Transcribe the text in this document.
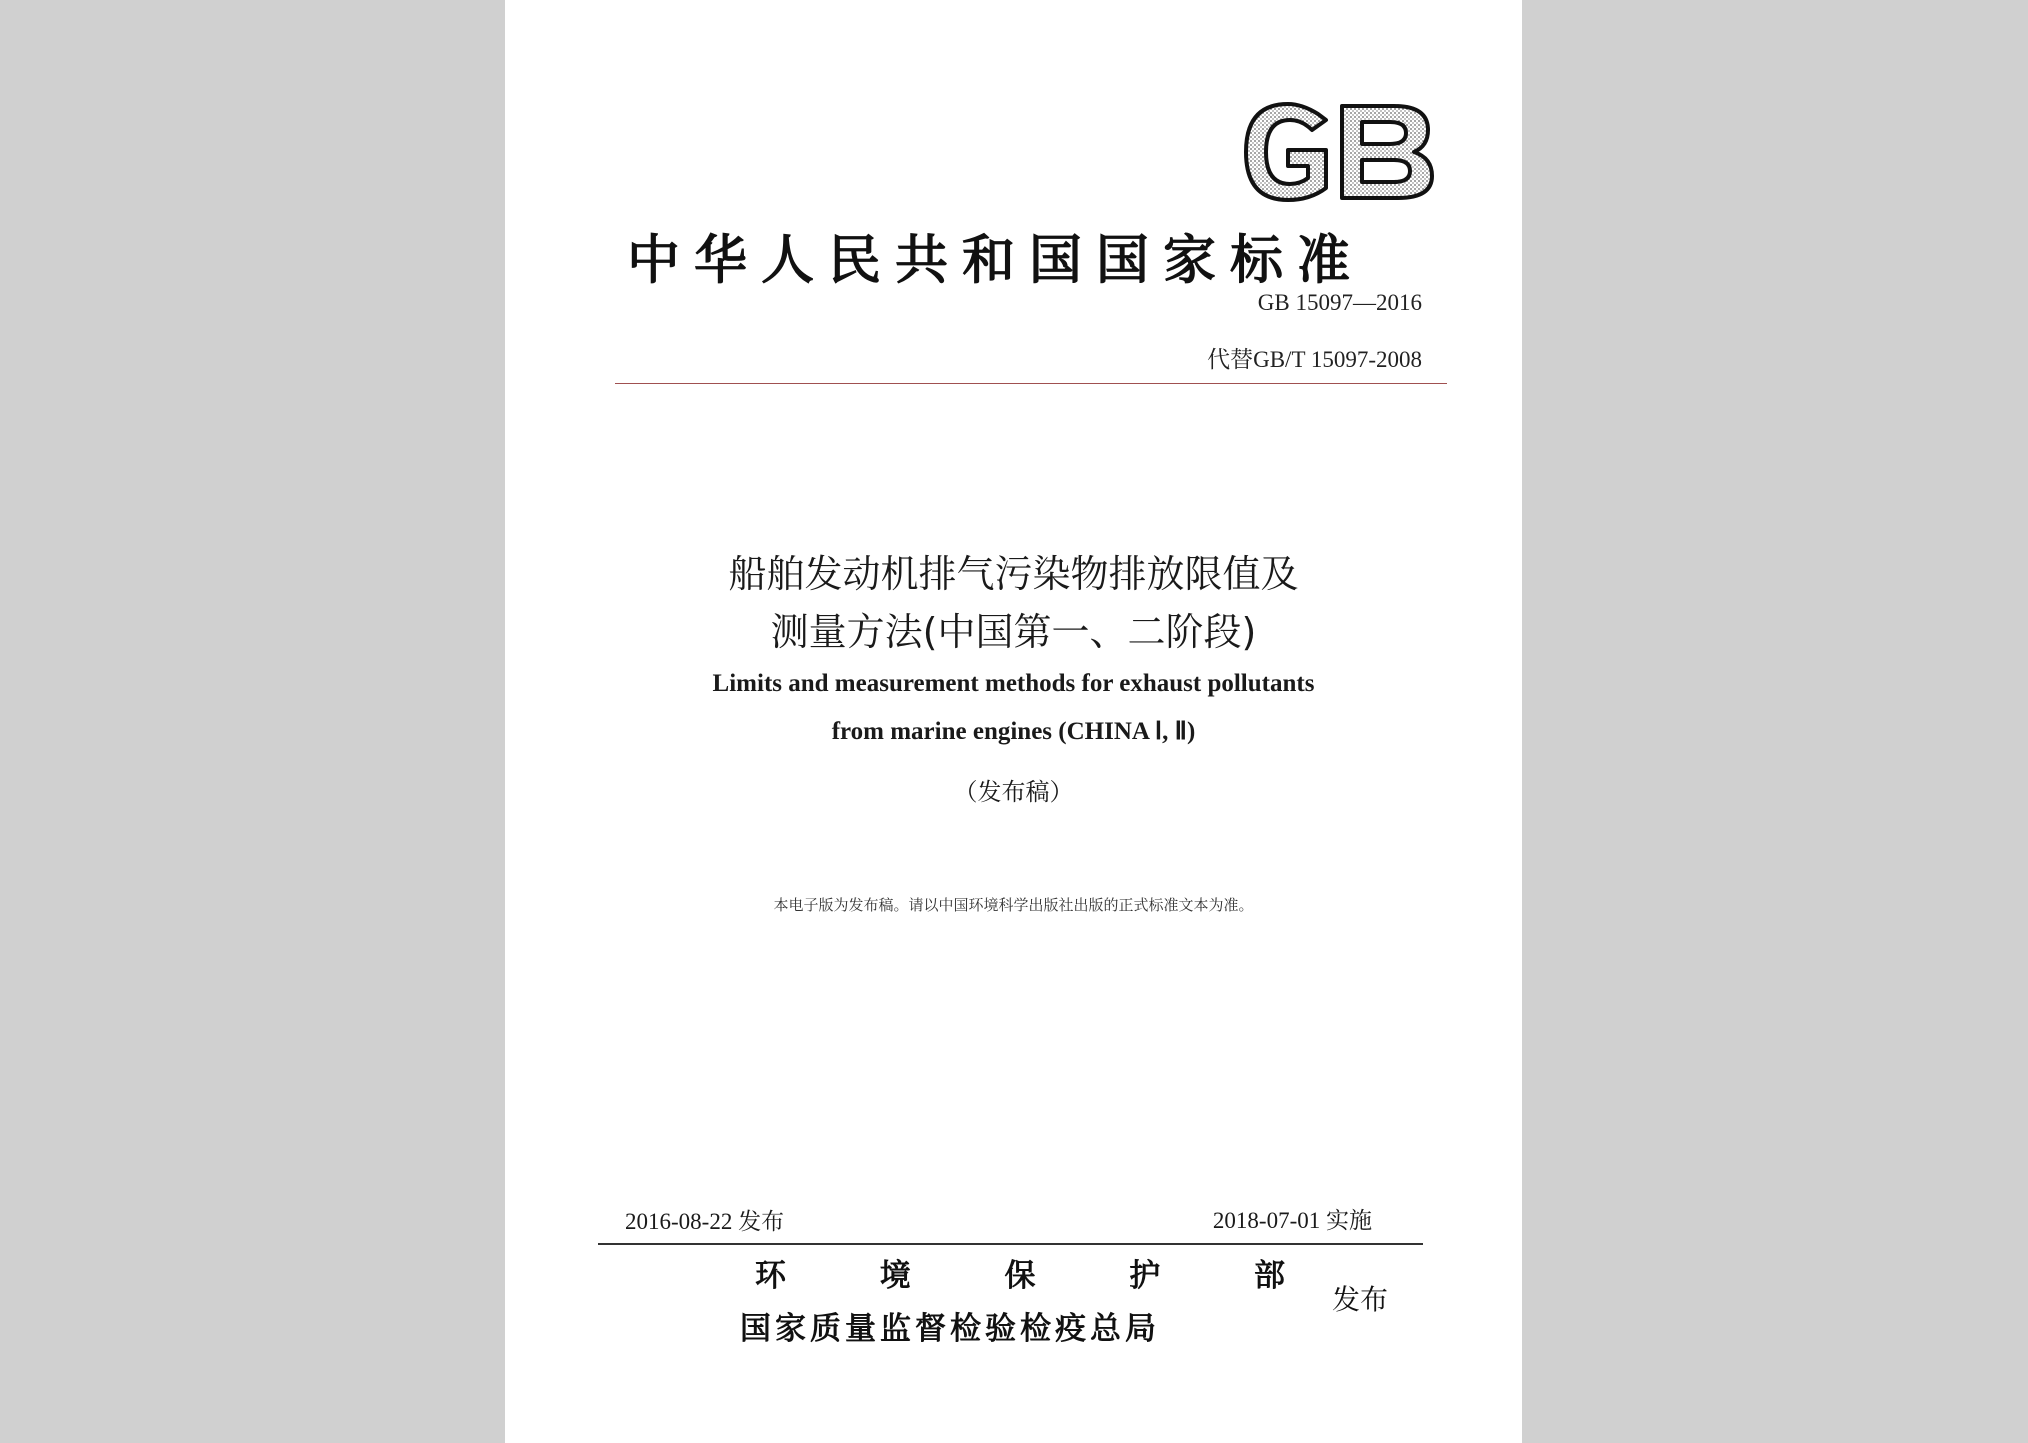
中华人民共和国国家标准
GB 15097—2016
代替GB/T 15097-2008
船舶发动机排气污染物排放限值及
测量方法(中国第一、二阶段)
Limits and measurement methods for exhaust pollutants
from marine engines (CHINA Ⅰ, Ⅱ)
（发布稿）
本电子版为发布稿。请以中国环境科学出版社出版的正式标准文本为准。
2016-08-22 发布	2018-07-01 实施
环	境	保	护	部
国家质量监督检验检疫总局
发布
